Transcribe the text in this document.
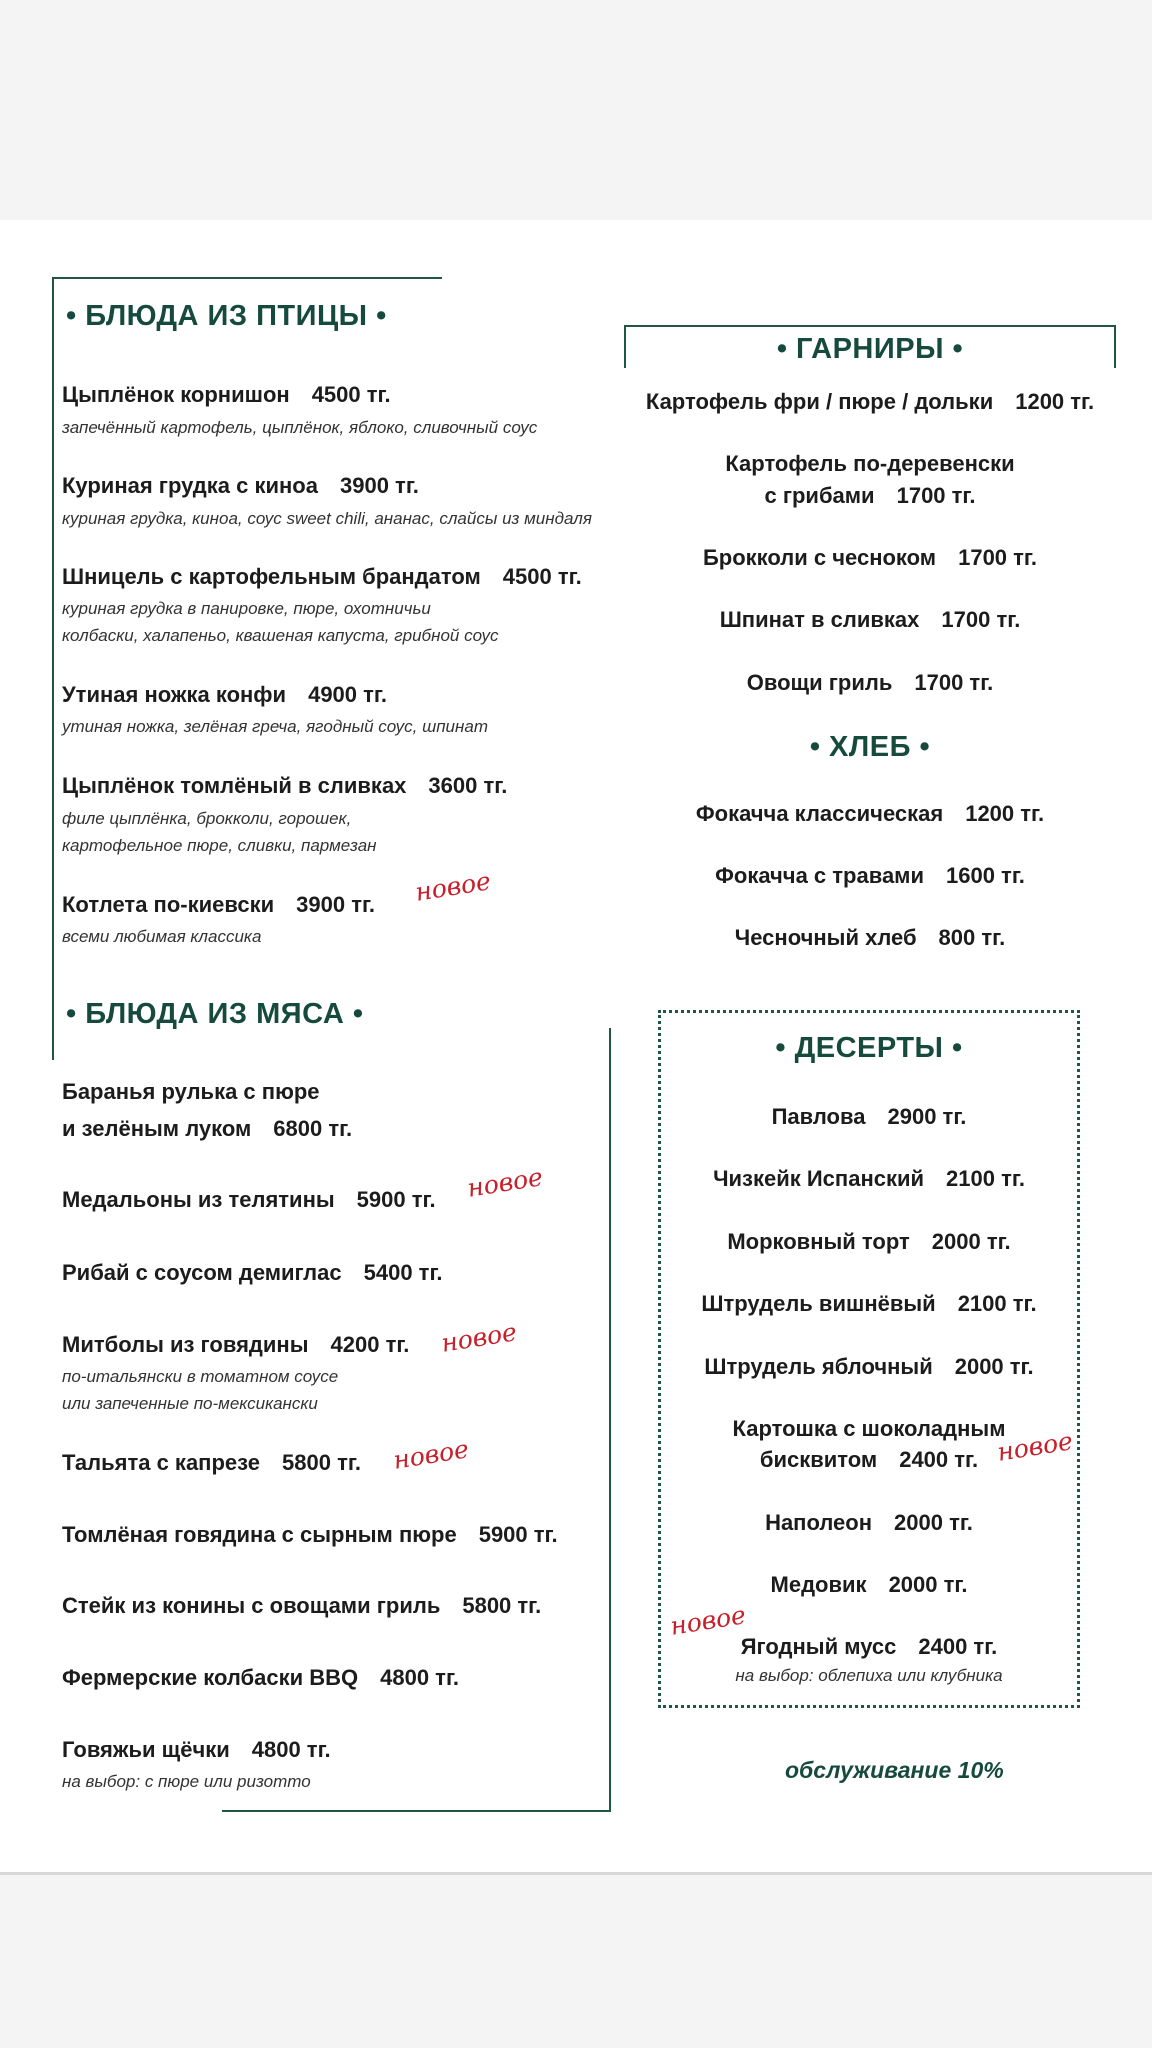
• БЛЮДА ИЗ ПТИЦЫ •
Цыплёнок корнишон 4500 тг.
запечённый картофель, цыплёнок, яблоко, сливочный соус
Куриная грудка с киноа 3900 тг.
куриная грудка, киноа, соус sweet chili, ананас, слайсы из миндаля
Шницель с картофельным брандатом 4500 тг.
куриная грудка в панировке, пюре, охотничьи
колбаски, халапеньо, квашеная капуста, грибной соус
Утиная ножка конфи 4900 тг.
утиная ножка, зелёная греча, ягодный соус, шпинат
Цыплёнок томлёный в сливках 3600 тг.
филе цыплёнка, брокколи, горошек,
картофельное пюре, сливки, пармезан
Котлета по-киевски 3900 тг. новое
всеми любимая классика
• БЛЮДА ИЗ МЯСА •
Баранья рулька с пюре
и зелёным луком 6800 тг.
Медальоны из телятины 5900 тг. новое
Рибай с соусом демиглас 5400 тг.
Митболы из говядины 4200 тг. новое
по-итальянски в томатном соусе
или запеченные по-мексикански
Тальята с капрезе 5800 тг. новое
Томлёная говядина с сырным пюре 5900 тг.
Стейк из конины с овощами гриль 5800 тг.
Фермерские колбаски BBQ 4800 тг.
Говяжьи щёчки 4800 тг.
на выбор: с пюре или ризотто
• ГАРНИРЫ •
Картофель фри / пюре / дольки 1200 тг.
Картофель по-деревенски
с грибами 1700 тг.
Брокколи с чесноком 1700 тг.
Шпинат в сливках 1700 тг.
Овощи гриль 1700 тг.
• ХЛЕБ •
Фокачча классическая 1200 тг.
Фокачча с травами 1600 тг.
Чесночный хлеб 800 тг.
• ДЕСЕРТЫ •
Павлова 2900 тг.
Чизкейк Испанский 2100 тг.
Морковный торт 2000 тг.
Штрудель вишнёвый 2100 тг.
Штрудель яблочный 2000 тг.
Картошка с шоколадным
бисквитом 2400 тг. новое
Наполеон 2000 тг.
Медовик 2000 тг.
новое
Ягодный мусс 2400 тг.
на выбор: облепиха или клубника
обслуживание 10%
